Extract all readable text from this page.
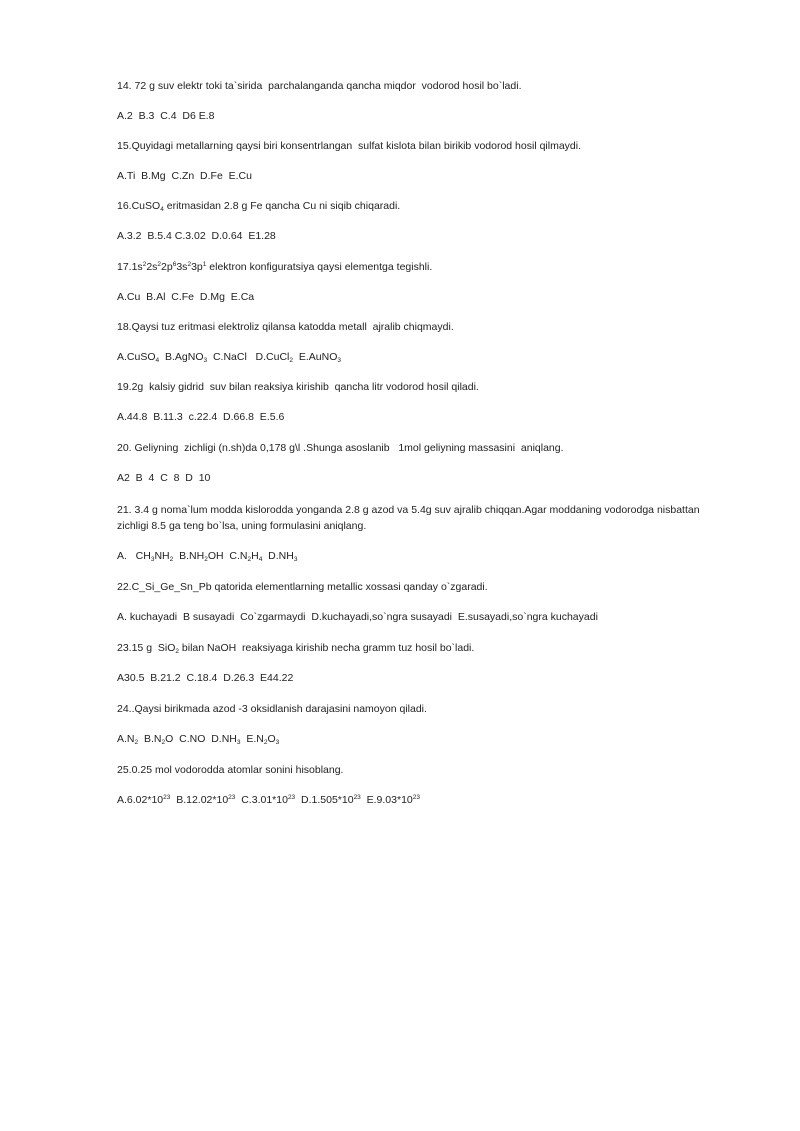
14. 72 g suv elektr toki ta`sirida  parchalanganda qancha miqdor  vodorod hosil bo`ladi.
A.2  B.3  C.4  D6 E.8
15.Quyidagi metallarning qaysi biri konsentrlangan  sulfat kislota bilan birikib vodorod hosil qilmaydi.
A.Ti  B.Mg  C.Zn  D.Fe  E.Cu
16.CuSO$_4$ eritmasidan 2.8 g Fe qancha Cu ni siqib chiqaradi.
A.3.2  B.5.4 C.3.02  D.0.64  E1.28
$17.1s^22s^22p^63s^23p^1$ elektron konfiguratsiya qaysi elementga tegishli.
A.Cu  B.Al  C.Fe  D.Mg  E.Ca
18.Qaysi tuz eritmasi elektroliz qilansa katodda metall  ajralib chiqmaydi.
A.CuSO$_4$  B.AgNO$_3$  C.NaCl   D.CuCl$_2$  E.AuNO$_3$
19.2g  kalsiy gidrid  suv bilan reaksiya kirishib  qancha litr vodorod hosil qiladi.
A.44.8  B.11.3  c.22.4  D.66.8  E.5.6
20. Geliyning  zichligi (n.sh)da 0,178 g\l .Shunga asoslanib   1mol geliyning massasini  aniqlang.
A2  B  4  C  8  D  10
21. 3.4 g noma`lum modda kislorodda yonganda 2.8 g azod va 5.4g suv ajralib chiqqan.Agar moddaning vodorodga nisbattan zichligi 8.5 ga teng bo`lsa, uning formulasini aniqlang.
A.   $CH_3NH_2$  $B.NH_2OH$  $C.N_2H_4$  $D.NH_3$
22.C_Si_Ge_Sn_Pb qatorida elementlarning metallic xossasi qanday o`zgaradi.
A. kuchayadi  B susayadi  Co`zgarmaydi  D.kuchayadi,so`ngra susayadi  E.susayadi,so`ngra kuchayadi
23.15 g  SiO$_2$ bilan NaOH  reaksiyaga kirishib necha gramm tuz hosil bo`ladi.
A30.5  B.21.2  C.18.4  D.26.3  E44.22
24..Qaysi birikmada azod -3 oksidlanish darajasini namoyon qiladi.
$A.N_2$  $B.N_2O$  C.NO  $D.NH_3$  $E.N_2O_3$
25.0.25 mol vodorodda atomlar sonini hisoblang.
$A.6.02*10^{23}$  $B.12.02*10^{23}$  $C.3.01*10^{23}$  $D.1.505*10^{23}$  $E.9.03*10^{23}$
